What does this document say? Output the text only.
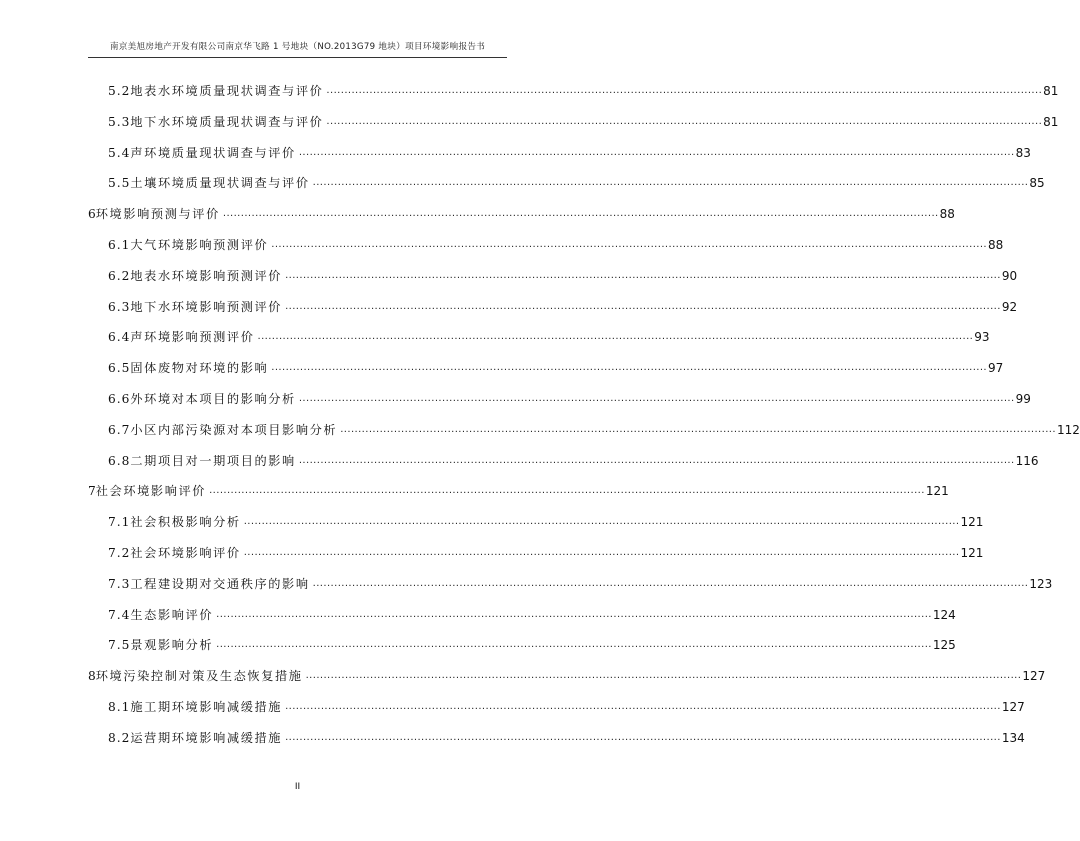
南京美旭房地产开发有限公司南京华飞路 1 号地块（NO.2013G79 地块）项目环境影响报告书
5.2 地表水环境质量现状调查与评价 ........................................................................................................................................................................................................ 81
5.3 地下水环境质量现状调查与评价 ........................................................................................................................................................................................................ 81
5.4 声环境质量现状调查与评价 ........................................................................................................................................................................................................ 83
5.5 土壤环境质量现状调查与评价 ........................................................................................................................................................................................................ 85
6 环境影响预测与评价 ........................................................................................................................................................................................................ 88
6.1 大气环境影响预测评价 ........................................................................................................................................................................................................ 88
6.2 地表水环境影响预测评价 ........................................................................................................................................................................................................ 90
6.3 地下水环境影响预测评价 ........................................................................................................................................................................................................ 92
6.4 声环境影响预测评价 ........................................................................................................................................................................................................ 93
6.5 固体废物对环境的影响 ........................................................................................................................................................................................................ 97
6.6 外环境对本项目的影响分析 ........................................................................................................................................................................................................ 99
6.7 小区内部污染源对本项目影响分析 ........................................................................................................................................................................................................ 112
6.8 二期项目对一期项目的影响 ........................................................................................................................................................................................................ 116
7 社会环境影响评价 ........................................................................................................................................................................................................ 121
7.1 社会积极影响分析 ........................................................................................................................................................................................................ 121
7.2 社会环境影响评价 ........................................................................................................................................................................................................ 121
7.3 工程建设期对交通秩序的影响 ........................................................................................................................................................................................................ 123
7.4 生态影响评价 ........................................................................................................................................................................................................ 124
7.5 景观影响分析 ........................................................................................................................................................................................................ 125
8 环境污染控制对策及生态恢复措施 ........................................................................................................................................................................................................ 127
8.1 施工期环境影响减缓措施 ........................................................................................................................................................................................................ 127
8.2 运营期环境影响减缓措施 ........................................................................................................................................................................................................ 134
II
